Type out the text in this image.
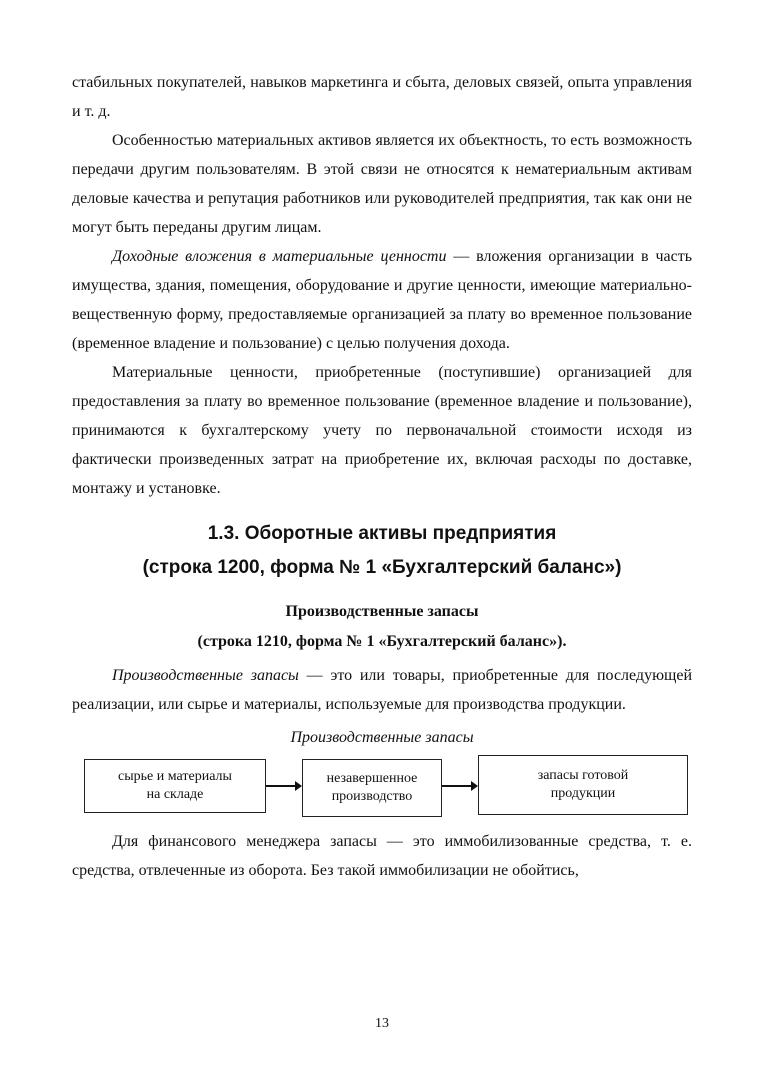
стабильных покупателей, навыков маркетинга и сбыта, деловых связей, опыта управления и т. д.

Особенностью материальных активов является их объектность, то есть возможность передачи другим пользователям. В этой связи не относятся к нематериальным активам деловые качества и репутация работников или руководителей предприятия, так как они не могут быть переданы другим лицам.

Доходные вложения в материальные ценности — вложения организации в часть имущества, здания, помещения, оборудование и другие ценности, имеющие материально-вещественную форму, предоставляемые организацией за плату во временное пользование (временное владение и пользование) с целью получения дохода.

Материальные ценности, приобретенные (поступившие) организацией для предоставления за плату во временное пользование (временное владение и пользование), принимаются к бухгалтерскому учету по первоначальной стоимости исходя из фактически произведенных затрат на приобретение их, включая расходы по доставке, монтажу и установке.

1.3. Оборотные активы предприятия

(строка 1200, форма № 1 «Бухгалтерский баланс»)

Производственные запасы

(строка 1210, форма № 1 «Бухгалтерский баланс»).

Производственные запасы — это или товары, приобретенные для последующей реализации, или сырье и материалы, используемые для производства продукции.

Производственные запасы
сырье и материалы
на складе
незавершенное
производство
запасы готовой
продукции

Для финансового менеджера запасы — это иммобилизованные средства, т. е. средства, отвлеченные из оборота. Без такой иммобилизации не обойтись,

13
